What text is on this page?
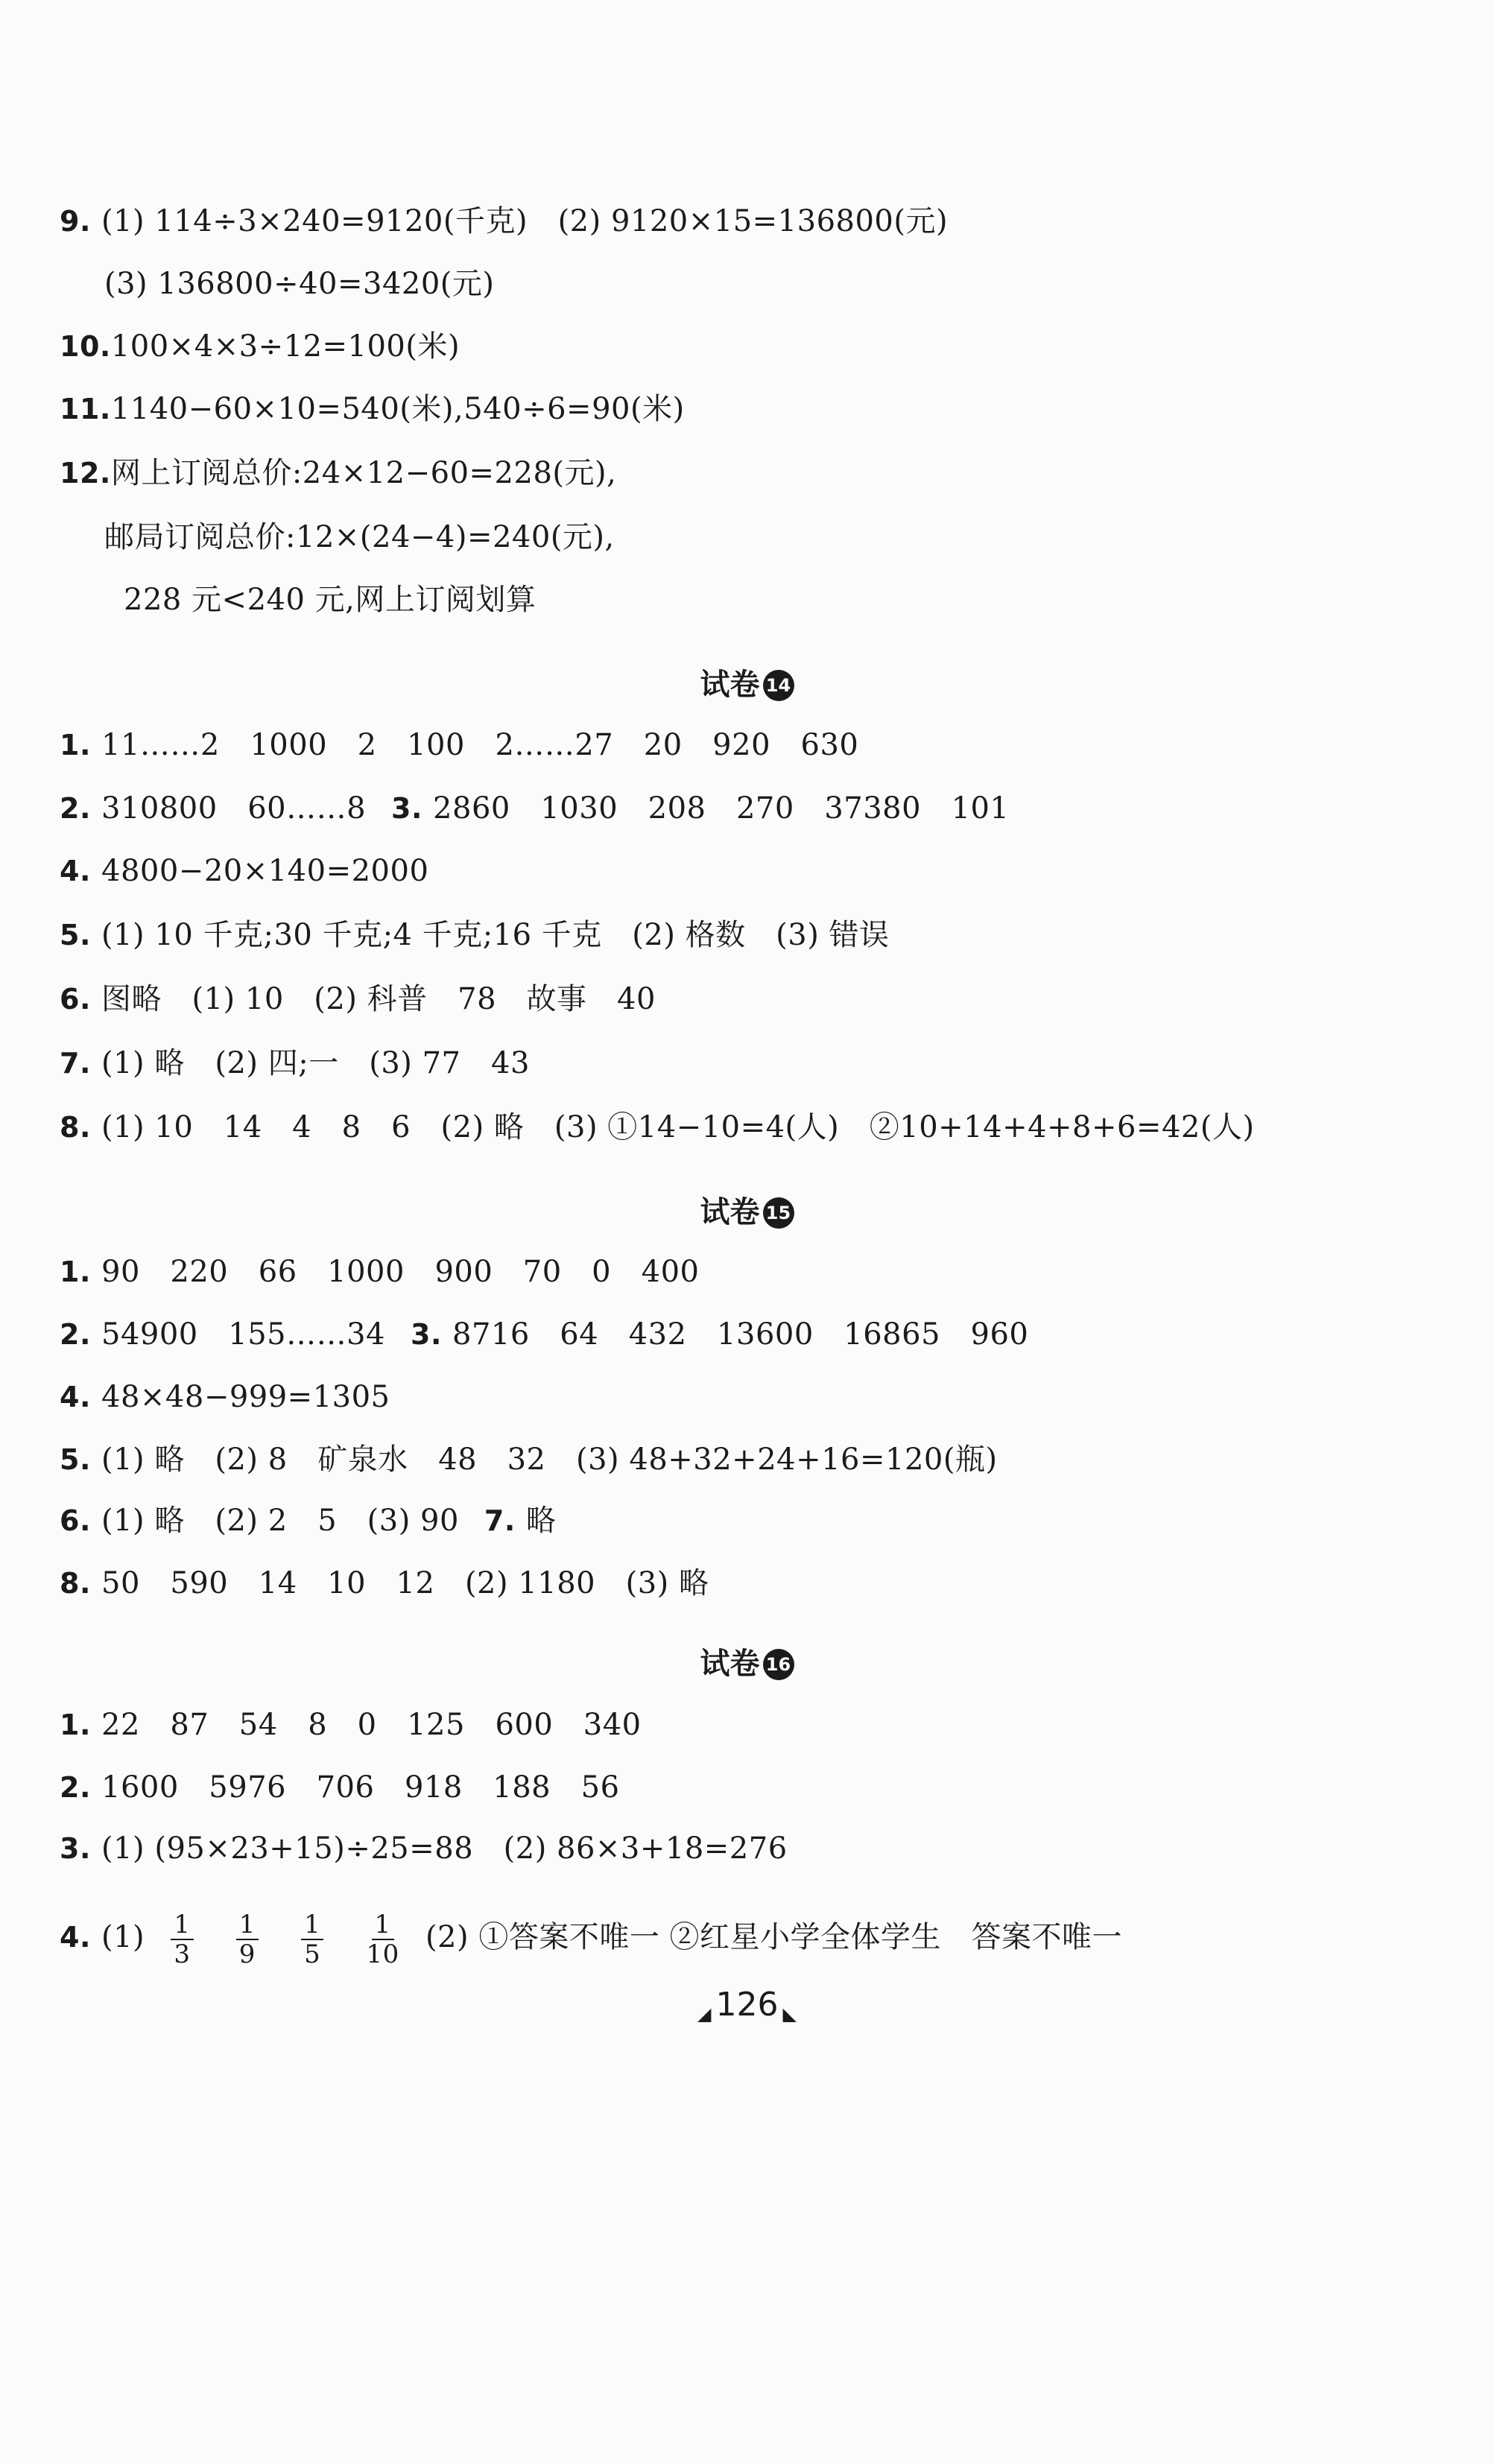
9. (1) 114÷3×240=9120(千克)　(2) 9120×15=136800(元)
(3) 136800÷40=3420(元)
10.100×4×3÷12=100(米)
11.1140−60×10=540(米),540÷6=90(米)
12.网上订阅总价:24×12−60=228(元),
邮局订阅总价:12×(24−4)=240(元),
228 元<240 元,网上订阅划算
试卷 14
1. 11……2　1000　2　100　2……27　20　920　630
2. 310800　60……8 3. 2860　1030　208　270　37380　101
4. 4800−20×140=2000
5. (1) 10 千克;30 千克;4 千克;16 千克　(2) 格数　(3) 错误
6. 图略　(1) 10　(2) 科普　78　故事　40
7. (1) 略　(2) 四;一　(3) 77　43
8. (1) 10　14　4　8　6　(2) 略　(3) ①14−10=4(人)　②10+14+4+8+6=42(人)
试卷 15
1. 90　220　66　1000　900　70　0　400
2. 54900　155……34 3. 8716　64　432　13600　16865　960
4. 48×48−999=1305
5. (1) 略　(2) 8　矿泉水　48　32　(3) 48+32+24+16=120(瓶)
6. (1) 略　(2) 2　5　(3) 90 7. 略
8. 50　590　14　10　12　(2) 1180　(3) 略
试卷 16
1. 22　87　54　8　0　125　600　340
2. 1600　5976　706　918　188　56
3. (1) (95×23+15)÷25=88　(2) 86×3+18=276
4. $(1) \frac{1}{3}$
$\frac{1}{9}$
$\frac{1}{5}$
$\frac{1}{10} (2)$ ①答案不唯一 ②红星小学全体学生　答案不唯一
◢ 126 ◣
